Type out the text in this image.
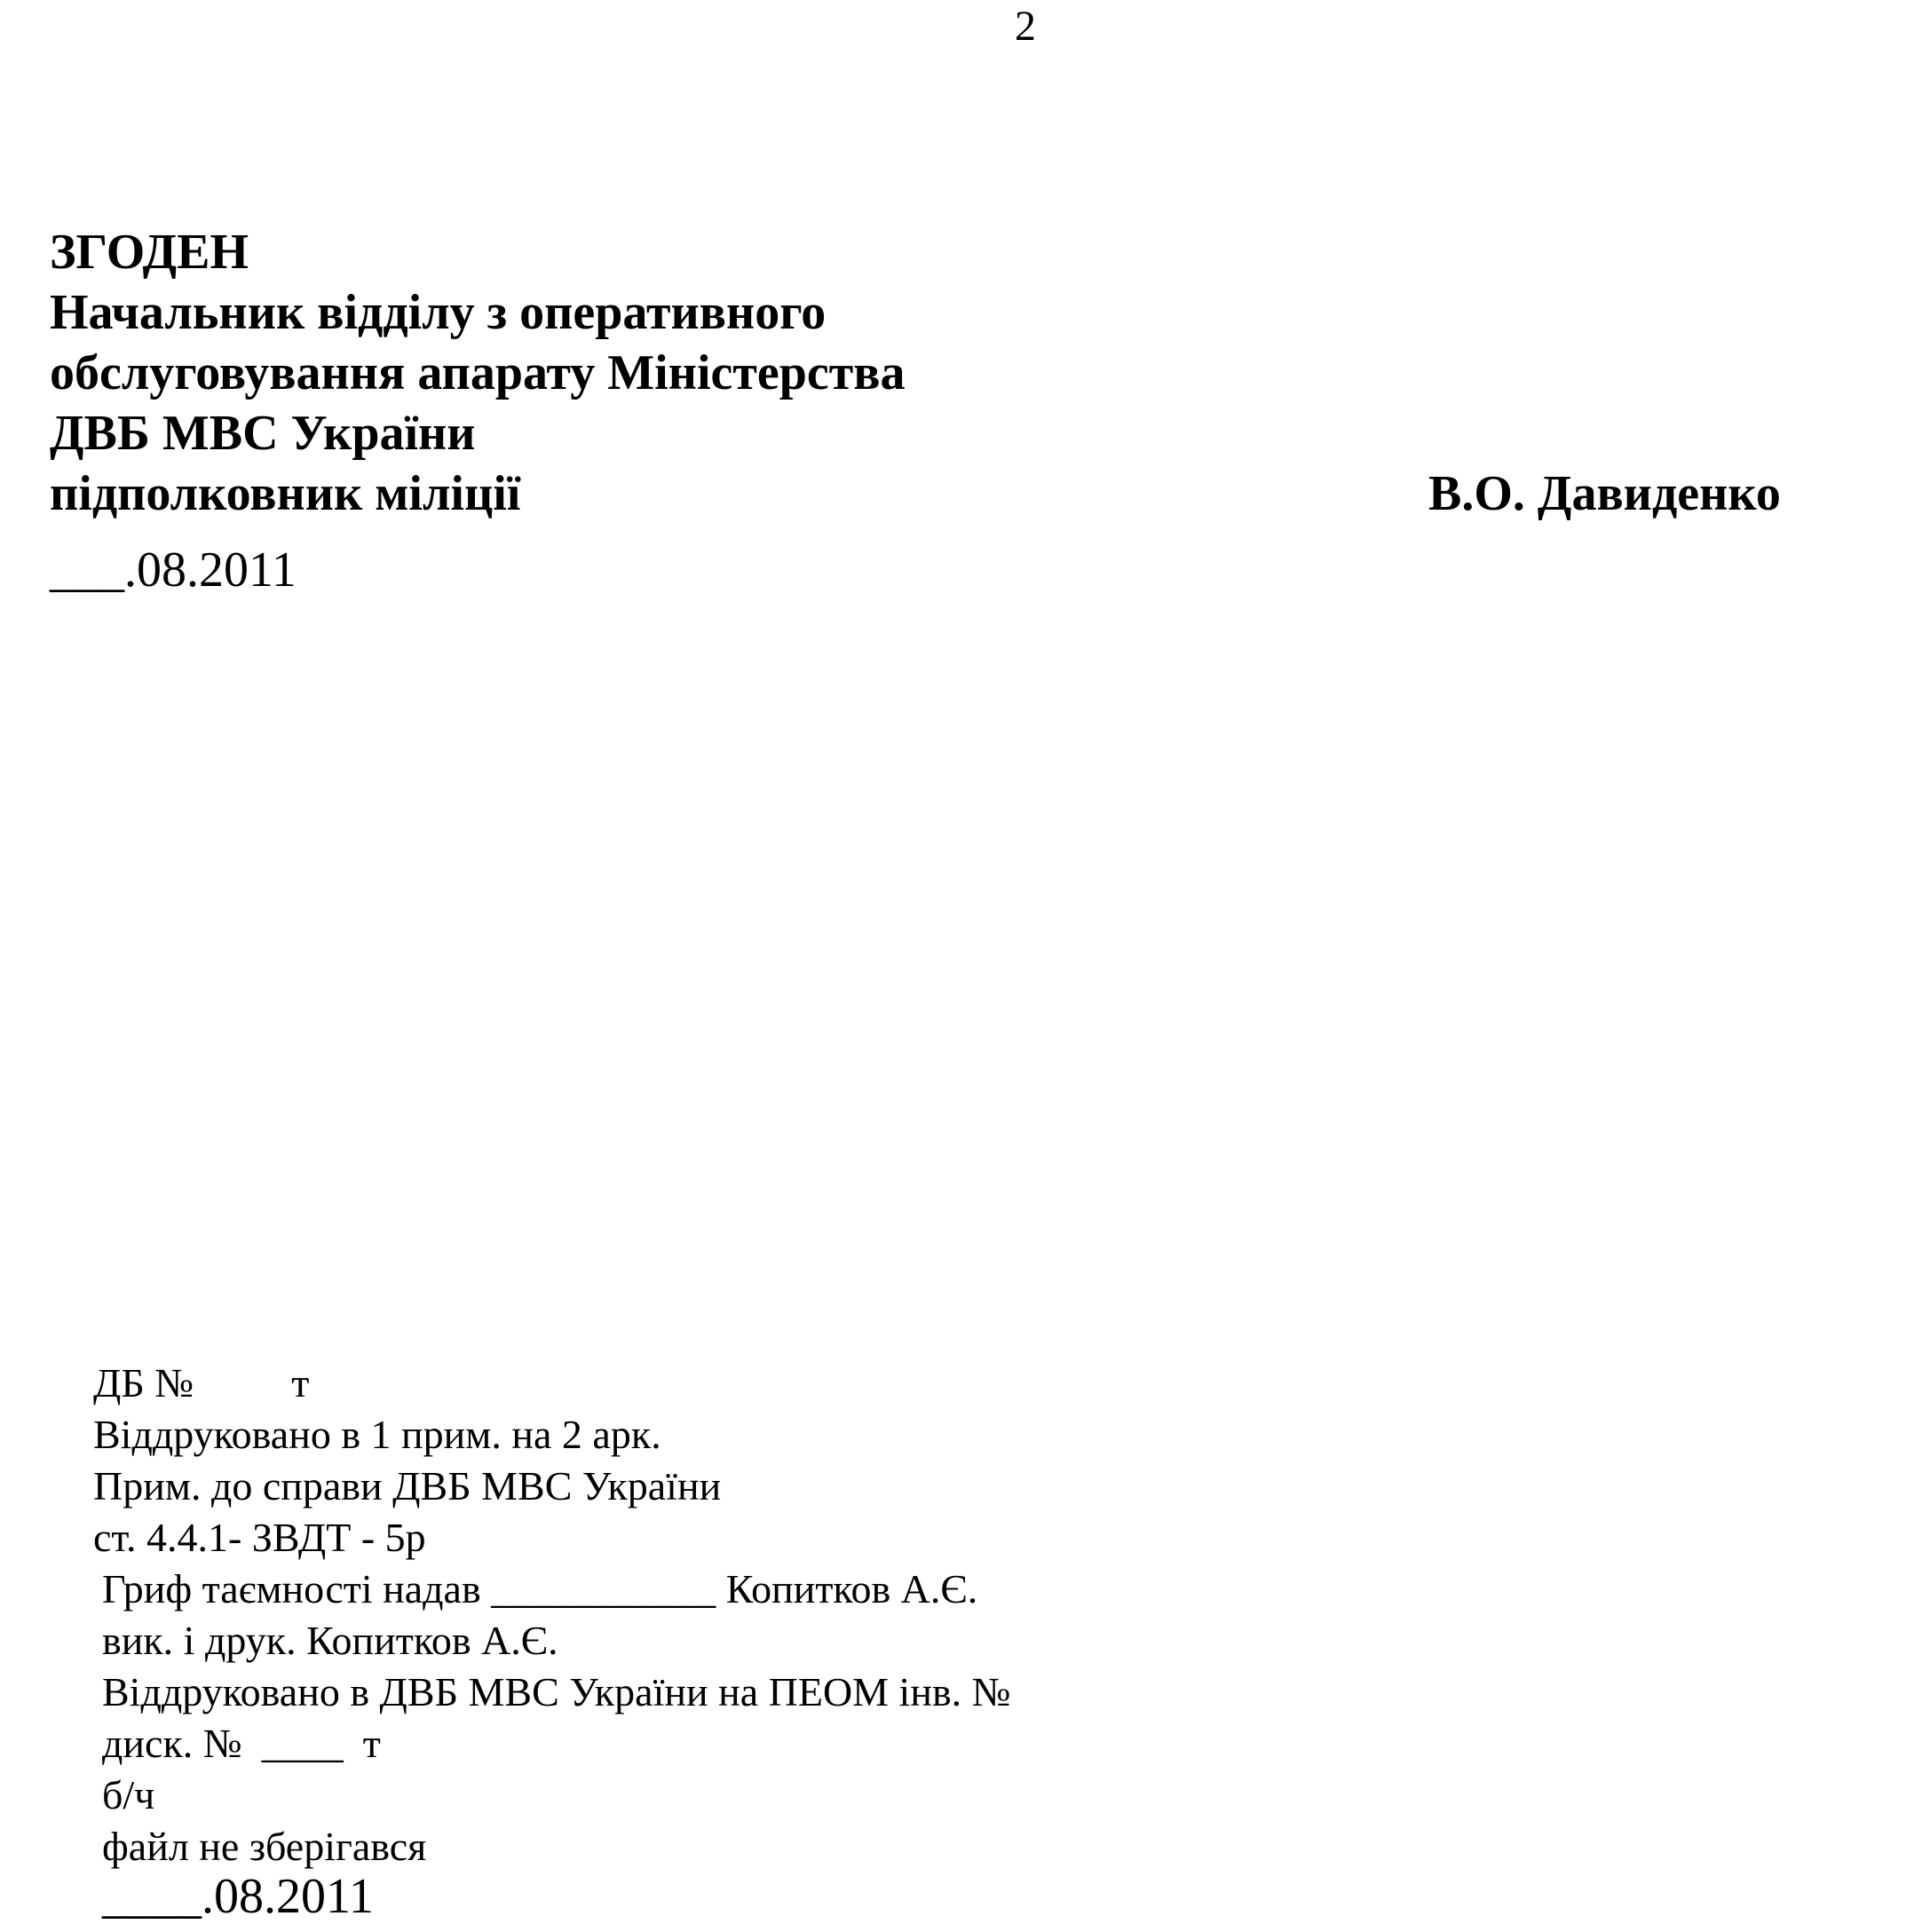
2
ЗГОДЕН
Начальник відділу з оперативного
обслуговування апарату Міністерства
ДВБ МВС України
підполковник міліції	В.О. Давиденко
___.08.2011
ДБ № т
Віддруковано в 1 прим. на 2 арк.
Прим. до справи ДВБ МВС України
ст. 4.4.1- ЗВДТ - 5р
Гриф таємності надав ___________ Копитков А.Є.
вик. і друк. Копитков А.Є.
Віддруковано в ДВБ МВС України на ПЕОМ інв. №
диск. № ____ т
б/ч
файл не зберігався
____.08.2011
